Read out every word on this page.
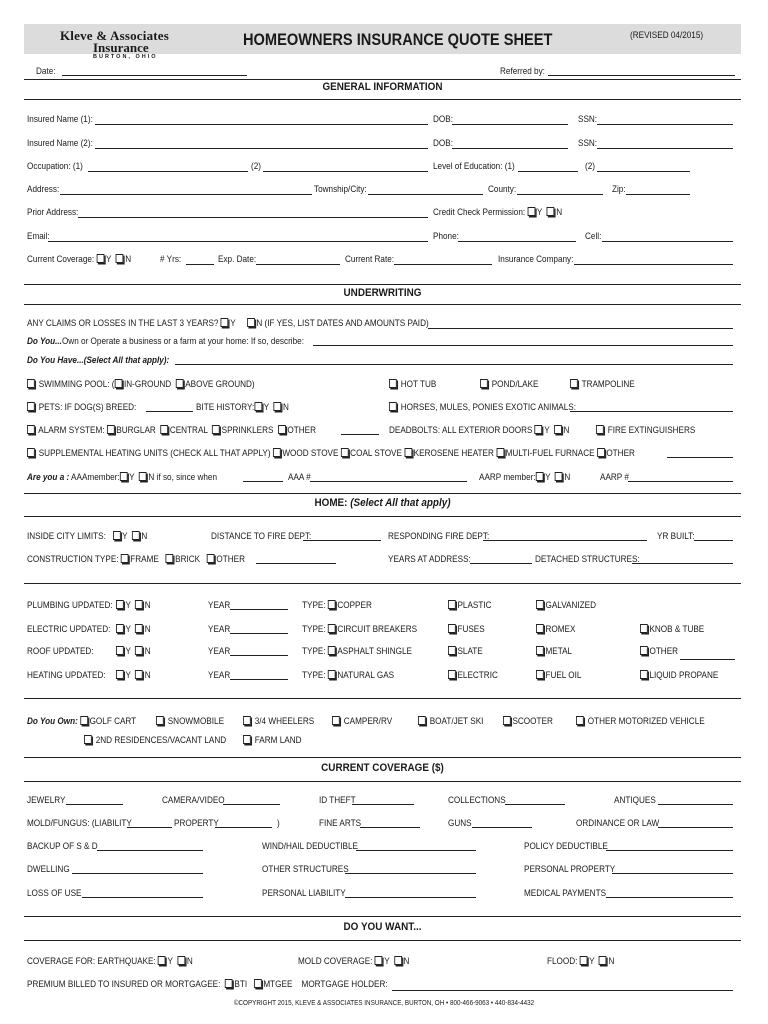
Kleve & Associates
Insurance
BURTON, OHIO
HOMEOWNERS INSURANCE QUOTE SHEET	(REVISED 04/2015)
Date:	Referred by:
GENERAL INFORMATION
Insured Name (1):	DOB:	SSN:
Insured Name (2):	DOB:	SSN:
Occupation: (1)	(2)	Level of Education: (1)	(2)
Address:	Township/City:	County:	Zip:
Prior Address:	Credit Check Permission: Y N
Email:	Phone:	Cell:
Current Coverage: Y N	# Yrs:	Exp. Date:	Current Rate:	Insurance Company:
UNDERWRITING
ANY CLAIMS OR LOSSES IN THE LAST 3 YEARS? Y N (IF YES, LIST DATES AND AMOUNTS PAID)
Do You...Own or Operate a business or a farm at your home: If so, describe:
Do You Have...(Select All that apply):
SWIMMING POOL: ( IN-GROUND ABOVE GROUND)	HOT TUB	POND/LAKE	TRAMPOLINE
PETS: IF DOG(S) BREED:	BITE HISTORY: Y N	HORSES, MULES, PONIES EXOTIC ANIMALS:
ALARM SYSTEM: BURGLAR CENTRAL SPRINKLERS OTHER	DEADBOLTS: ALL EXTERIOR DOORS Y N	FIRE EXTINGUISHERS
SUPPLEMENTAL HEATING UNITS (CHECK ALL THAT APPLY) WOOD STOVE COAL STOVE KEROSENE HEATER MULTI-FUEL FURNACE OTHER
Are you a : AAAmember: Y N if so, since when	AAA #	AARP member: Y N	AARP #
HOME: (Select All that apply)
INSIDE CITY LIMITS: Y N	DISTANCE TO FIRE DEPT:	RESPONDING FIRE DEPT:	YR BUILT:
CONSTRUCTION TYPE: FRAME BRICK OTHER	YEARS AT ADDRESS:	DETACHED STRUCTURES:
PLUMBING UPDATED:	Y N	YEAR	TYPE: COPPER	PLASTIC	GALVANIZED
ELECTRIC UPDATED:	Y N	YEAR	TYPE: CIRCUIT BREAKERS	FUSES	ROMEX	KNOB & TUBE
ROOF UPDATED:	Y N	YEAR	TYPE: ASPHALT SHINGLE	SLATE	METAL	OTHER
HEATING UPDATED:	Y N	YEAR	TYPE: NATURAL GAS	ELECTRIC	FUEL OIL	LIQUID PROPANE
Do You Own: GOLF CART	SNOWMOBILE	3/4 WHEELERS	CAMPER/RV	BOAT/JET SKI	SCOOTER	OTHER MOTORIZED VEHICLE
2ND RESIDENCES/VACANT LAND	FARM LAND
CURRENT COVERAGE ($)
JEWELRY	CAMERA/VIDEO	ID THEFT	COLLECTIONS	ANTIQUES
MOLD/FUNGUS: (LIABILITY	PROPERTY	)	FINE ARTS	GUNS	ORDINANCE OR LAW
BACKUP OF S & D	WIND/HAIL DEDUCTIBLE	POLICY DEDUCTIBLE
DWELLING	OTHER STRUCTURES	PERSONAL PROPERTY
LOSS OF USE	PERSONAL LIABILITY	MEDICAL PAYMENTS
DO YOU WANT...
COVERAGE FOR: EARTHQUAKE: Y N	MOLD COVERAGE: Y N	FLOOD: Y N
PREMIUM BILLED TO INSURED OR MORTGAGEE: BTI MTGEE MORTGAGE HOLDER:
©COPYRIGHT 2015, KLEVE & ASSOCIATES INSURANCE, BURTON, OH • 800-466-9063 • 440-834-4432
